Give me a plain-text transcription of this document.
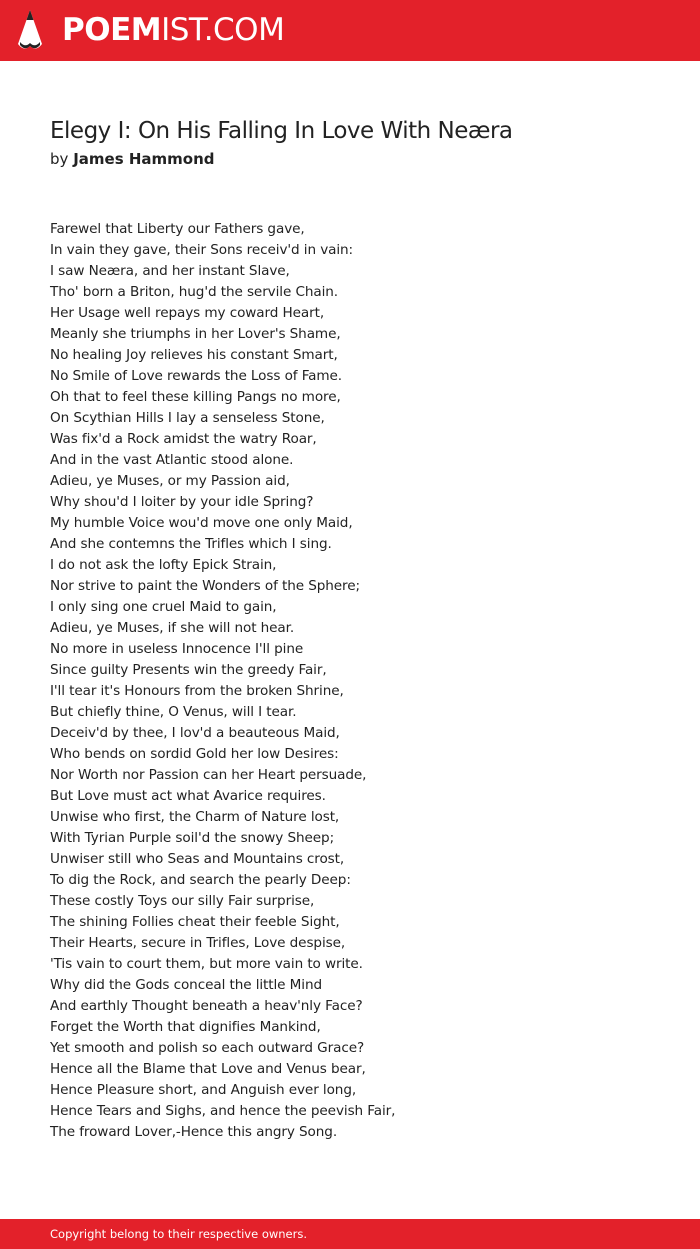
POEMIST.COM
Elegy I: On His Falling In Love With Neæra
by James Hammond
Farewel that Liberty our Fathers gave,
In vain they gave, their Sons receiv'd in vain:
I saw Neæra, and her instant Slave,
Tho' born a Briton, hug'd the servile Chain.
Her Usage well repays my coward Heart,
Meanly she triumphs in her Lover's Shame,
No healing Joy relieves his constant Smart,
No Smile of Love rewards the Loss of Fame.
Oh that to feel these killing Pangs no more,
On Scythian Hills I lay a senseless Stone,
Was fix'd a Rock amidst the watry Roar,
And in the vast Atlantic stood alone.
Adieu, ye Muses, or my Passion aid,
Why shou'd I loiter by your idle Spring?
My humble Voice wou'd move one only Maid,
And she contemns the Trifles which I sing.
I do not ask the lofty Epick Strain,
Nor strive to paint the Wonders of the Sphere;
I only sing one cruel Maid to gain,
Adieu, ye Muses, if she will not hear.
No more in useless Innocence I'll pine
Since guilty Presents win the greedy Fair,
I'll tear it's Honours from the broken Shrine,
But chiefly thine, O Venus, will I tear.
Deceiv'd by thee, I lov'd a beauteous Maid,
Who bends on sordid Gold her low Desires:
Nor Worth nor Passion can her Heart persuade,
But Love must act what Avarice requires.
Unwise who first, the Charm of Nature lost,
With Tyrian Purple soil'd the snowy Sheep;
Unwiser still who Seas and Mountains crost,
To dig the Rock, and search the pearly Deep:
These costly Toys our silly Fair surprise,
The shining Follies cheat their feeble Sight,
Their Hearts, secure in Trifles, Love despise,
'Tis vain to court them, but more vain to write.
Why did the Gods conceal the little Mind
And earthly Thought beneath a heav'nly Face?
Forget the Worth that dignifies Mankind,
Yet smooth and polish so each outward Grace?
Hence all the Blame that Love and Venus bear,
Hence Pleasure short, and Anguish ever long,
Hence Tears and Sighs, and hence the peevish Fair,
The froward Lover,-Hence this angry Song.
Copyright belong to their respective owners.
